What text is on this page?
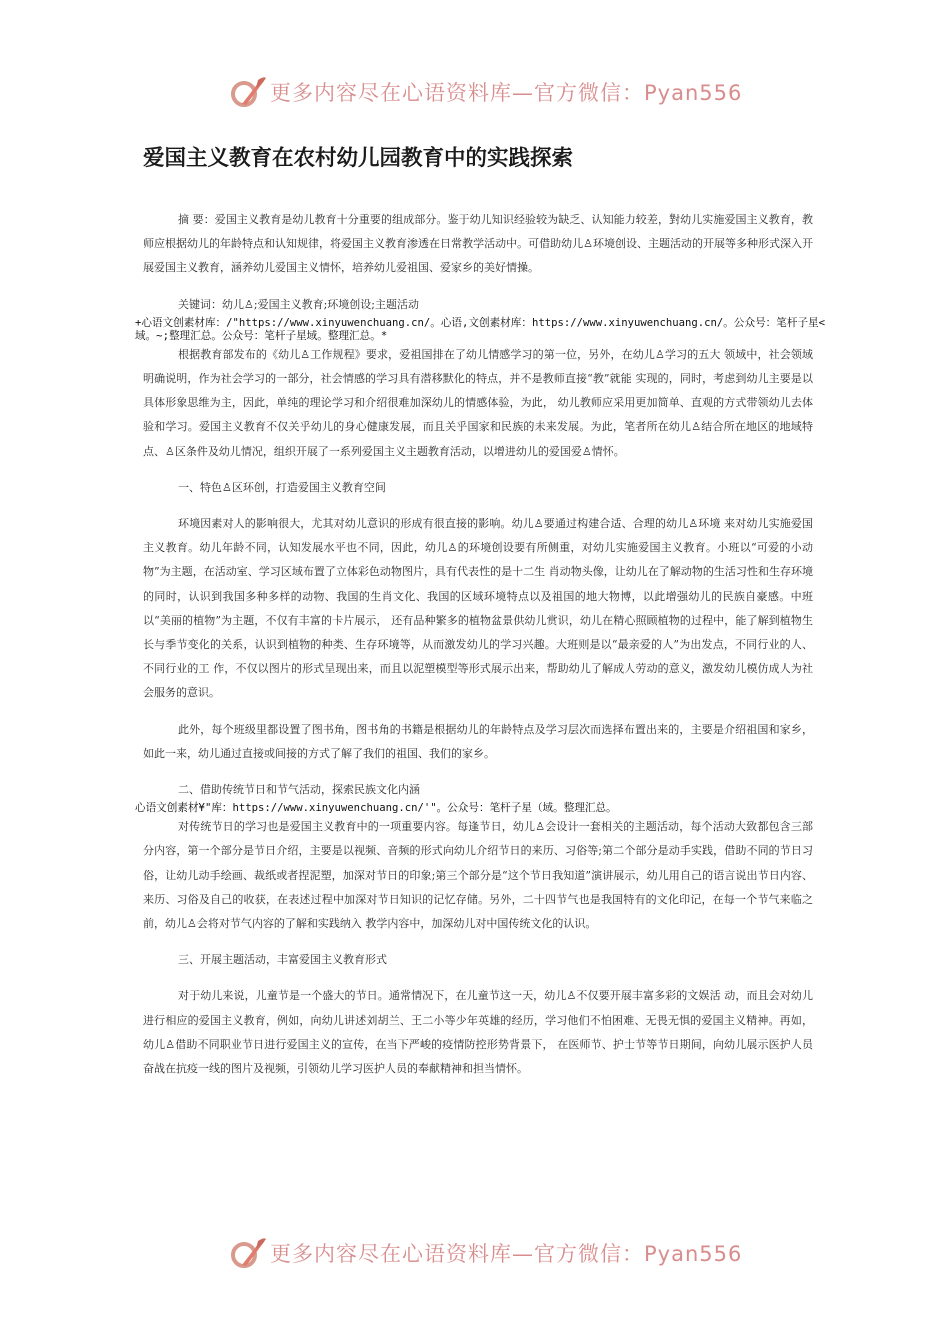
更多内容尽在心语资料库—官方微信：Pyan556
爱国主义教育在农村幼儿园教育中的实践探索

摘 要：爱国主义教育是幼儿教育十分重要的组成部分。鉴于幼儿知识经验较为缺乏、认知能力较差，對幼儿实施爱国主义教育，教师应根据幼儿的年龄特点和认知规律，将爱国主义教育渗透在日常教学活动中。可借助幼儿♙环境创设、主题活动的开展等多种形式深入开展爱国主义教育，涵养幼儿爱国主义情怀，培养幼儿爱祖国、爱家乡的美好情操。

关键词：幼儿♙;爱国主义教育;环境创设;主题活动

+心语文创素材库：/"https://www.xinyuwenchuang.cn/。心语,文创素材库：https://www.xinyuwenchuang.cn/。公众号：笔杆子星<域。~;整理汇总。公众号：笔杆子星域。整理汇总。*

根据教育部发布的《幼儿♙工作规程》要求，爱祖国排在了幼儿情感学习的第一位，另外，在幼儿♙学习的五大 领域中，社会领域明确说明，作为社会学习的一部分，社会情感的学习具有潜移默化的特点，并不是教师直接“教”就能 实现的，同时，考虑到幼儿主要是以具体形象思维为主，因此，单纯的理论学习和介绍很难加深幼儿的情感体验，为此， 幼儿教师应采用更加简单、直观的方式带领幼儿去体验和学习。爱国主义教育不仅关乎幼儿的身心健康发展，而且关乎国家和民族的未来发展。为此，笔者所在幼儿♙结合所在地区的地域特点、♙区条件及幼儿情况，组织开展了一系列爱国主义主题教育活动，以增进幼儿的爱国爱♙情怀。

一、特色♙区环创，打造爱国主义教育空间

环境因素对人的影响很大，尤其对幼儿意识的形成有很直接的影响。幼儿♙要通过构建合适、合理的幼儿♙环境 来对幼儿实施爱国主义教育。幼儿年龄不同，认知发展水平也不同，因此，幼儿♙的环境创设要有所侧重，对幼儿实施爱国主义教育。小班以“可爱的小动物”为主题，在活动室、学习区域布置了立体彩色动物图片，具有代表性的是十二生 肖动物头像，让幼儿在了解动物的生活习性和生存环境的同时，认识到我国多种多样的动物、我国的生肖文化、我国的区域环境特点以及祖国的地大物博，以此增强幼儿的民族自豪感。中班以“美丽的植物”为主题，不仅有丰富的卡片展示， 还有品种繁多的植物盆景供幼儿赏识，幼儿在精心照顾植物的过程中，能了解到植物生长与季节变化的关系，认识到植物的种类、生存环境等，从而激发幼儿的学习兴趣。大班则是以“最亲爱的人”为出发点，不同行业的人、不同行业的工 作，不仅以图片的形式呈现出来，而且以泥塑模型等形式展示出来，帮助幼儿了解成人劳动的意义，激发幼儿模仿成人为社会服务的意识。

此外，每个班级里都设置了图书角，图书角的书籍是根据幼儿的年龄特点及学习层次而选择布置出来的，主要是介绍祖国和家乡，如此一来，幼儿通过直接或间接的方式了解了我们的祖国、我们的家乡。

二、借助传统节日和节气活动，探索民族文化内涵

心语文创素材¥"库：https://www.xinyuwenchuang.cn/'"。公众号：笔杆子星（域。整理汇总。

对传统节日的学习也是爱国主义教育中的一项重要内容。每逢节日，幼儿♙会设计一套相关的主题活动，每个活动大致都包含三部分内容，第一个部分是节日介绍，主要是以视频、音频的形式向幼儿介绍节日的来历、习俗等;第二个部分是动手实践，借助不同的节日习俗，让幼儿动手绘画、裁纸或者捏泥塑，加深对节日的印象;第三个部分是“这个节日我知道”演讲展示，幼儿用自己的语言说出节日内容、来历、习俗及自己的收获，在表述过程中加深对节日知识的记忆存储。另外，二十四节气也是我国特有的文化印记，在每一个节气来临之前，幼儿♙会将对节气内容的了解和实践纳入 教学内容中，加深幼儿对中国传统文化的认识。

三、开展主题活动，丰富爱国主义教育形式

对于幼儿来说，儿童节是一个盛大的节日。通常情况下，在儿童节这一天，幼儿♙不仅要开展丰富多彩的文娱活 动，而且会对幼儿进行相应的爱国主义教育，例如，向幼儿讲述刘胡兰、王二小等少年英雄的经历，学习他们不怕困难、无畏无惧的爱国主义精神。再如，幼儿♙借助不同职业节日进行爱国主义的宣传，在当下严峻的疫情防控形势背景下， 在医师节、护士节等节日期间，向幼儿展示医护人员奋战在抗疫一线的图片及视频，引领幼儿学习医护人员的奉献精神和担当情怀。

更多内容尽在心语资料库—官方微信：Pyan556
